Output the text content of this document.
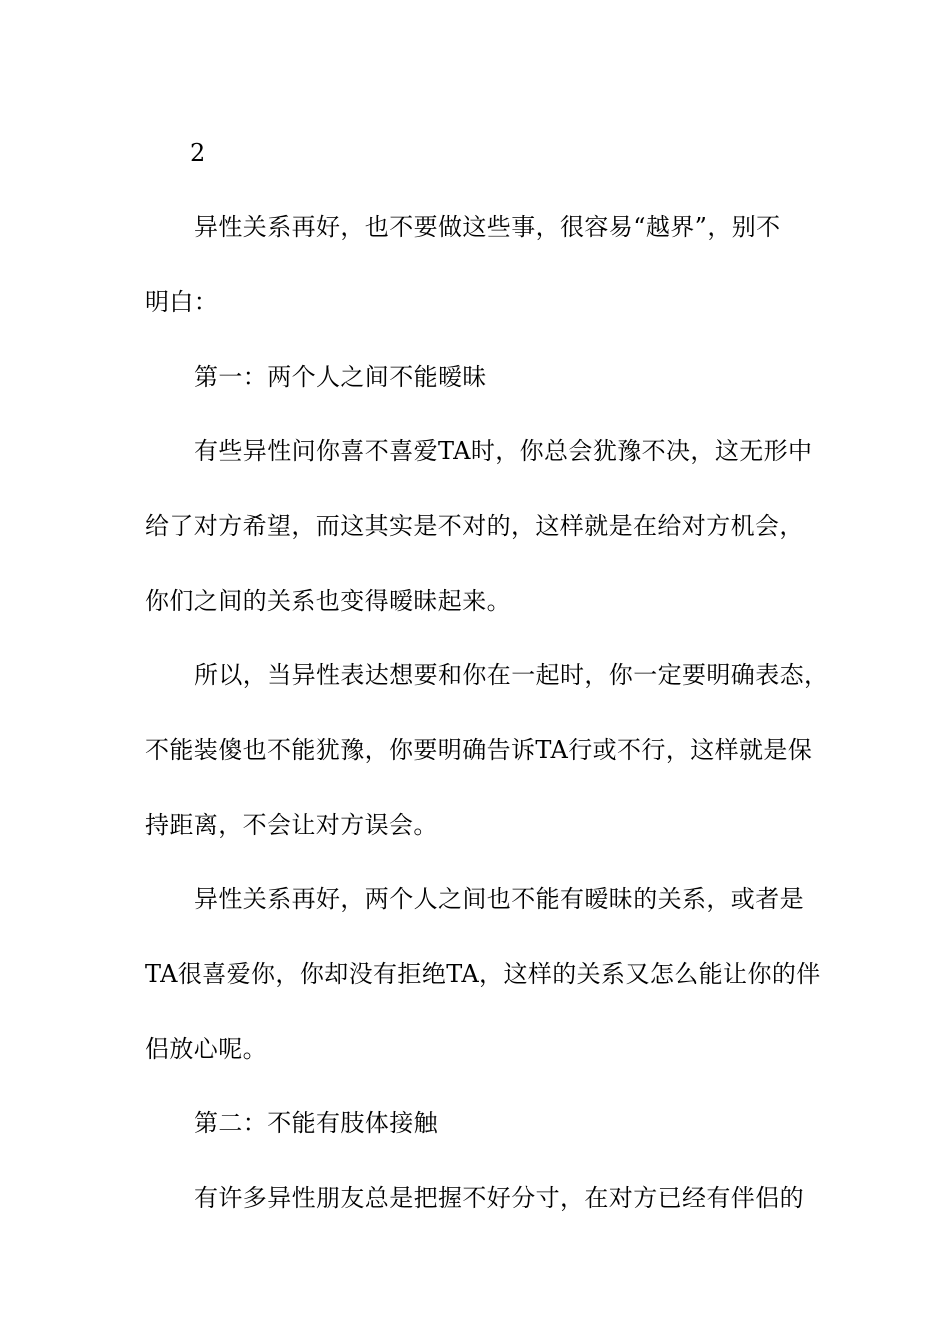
2
异性关系再好，也不要做这些事，很容易“越界”，别不
明白：
第一：两个人之间不能暧昧
有些异性问你喜不喜爱TA时，你总会犹豫不决，这无形中
给了对方希望，而这其实是不对的，这样就是在给对方机会，
你们之间的关系也变得暧昧起来。
所以，当异性表达想要和你在一起时，你一定要明确表态，
不能装傻也不能犹豫，你要明确告诉TA行或不行，这样就是保
持距离，不会让对方误会。
异性关系再好，两个人之间也不能有暧昧的关系，或者是
TA很喜爱你，你却没有拒绝TA，这样的关系又怎么能让你的伴
侣放心呢。
第二：不能有肢体接触
有许多异性朋友总是把握不好分寸，在对方已经有伴侣的
